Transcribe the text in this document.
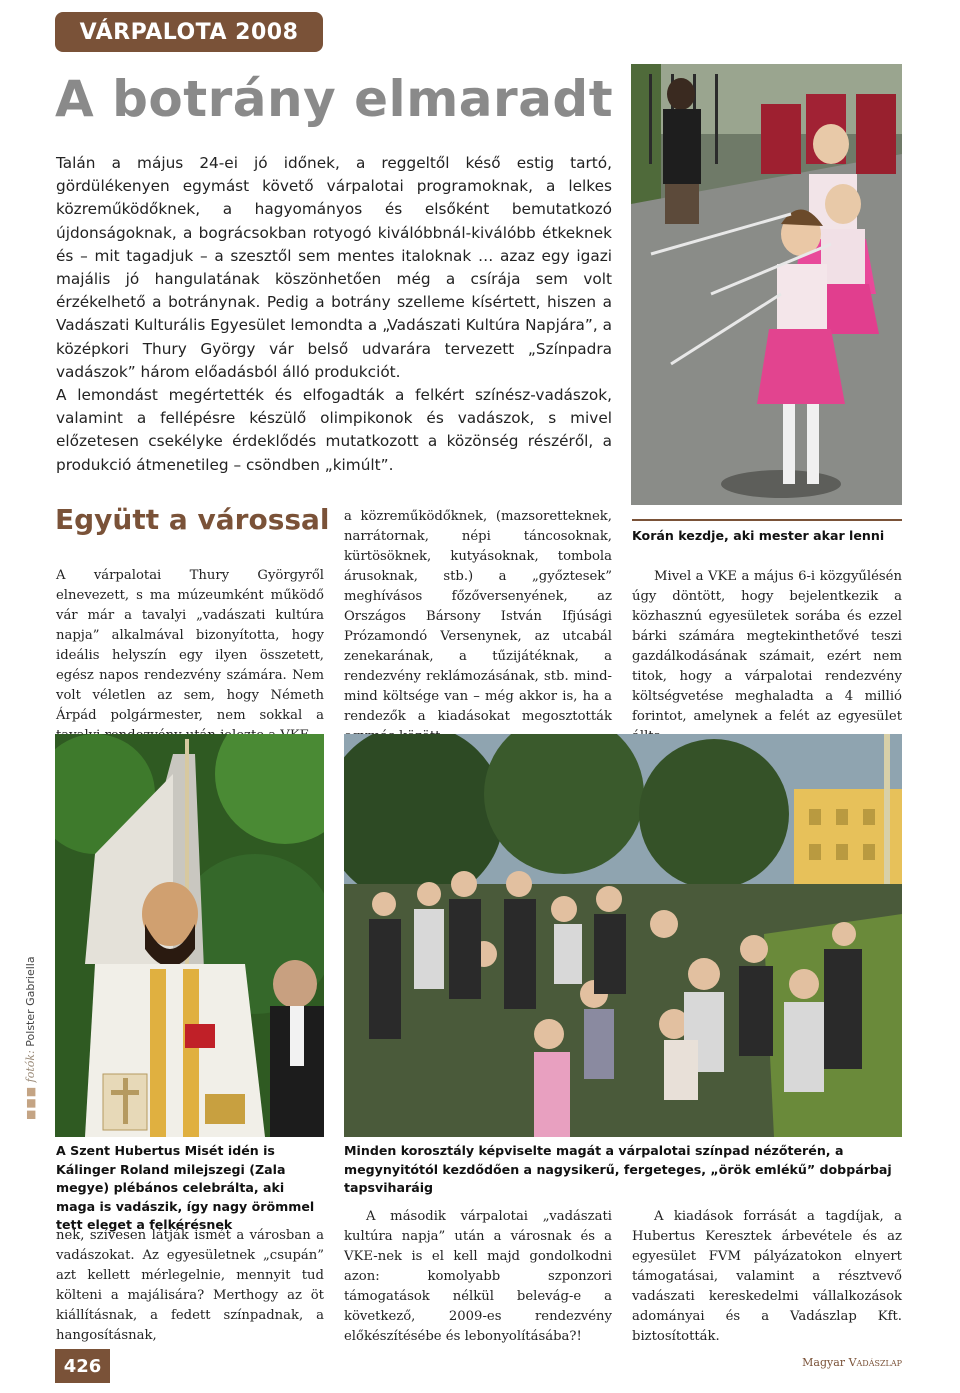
VÁRPALOTA 2008
A botrány elmaradt

Talán a május 24-ei jó időnek, a reggeltől késő estig tartó, gördülékenyen egymást követő várpalotai programoknak, a lelkes közreműködőknek, a hagyományos és elsőként bemutatkozó újdonságoknak, a bográcsokban rotyogó kiválóbbnál-kiválóbb étkeknek és – mit tagadjuk – a szesztől sem mentes italoknak … azaz egy igazi majális jó hangulatának köszönhetően még a csírája sem volt érzékelhető a botránynak. Pedig a botrány szelleme kísértett, hiszen a Vadászati Kulturális Egyesület lemondta a „Vadászati Kultúra Napjára”, a középkori Thury György vár belső udvarára tervezett „Színpadra vadászok” három előadásból álló produkciót.

A lemondást megértették és elfogadták a felkért színész-vadászok, valamint a fellépésre készülő olimpikonok és vadászok, s mivel előzetesen csekélyke érdeklődés mutatkozott a közönség részéről, a produkció átmenetileg – csöndben „kimúlt”.

Együtt a várossal

A várpalotai Thury Györgyről elnevezett, s ma múzeumként működő vár már a tavalyi „vadászati kultúra napja” alkalmával bizonyította, hogy ideális helyszín egy ilyen összetett, egész napos rendezvény számára. Nem volt véletlen az sem, hogy Németh Árpád polgármester, nem sokkal a

a közreműködőknek, (mazsoretteknek, narrátornak, népi táncosoknak, kürtösöknek, kutyásoknak, tombola árusoknak, stb.) a „győztesek” meghívásos főzőversenyének, az Országos Bársony István Ifjúsági Prózamondó Versenynek, az utcabál zenekarának, a tűzijátéknak, a rendezvény reklámozásának, stb. mind-mind költsége van – még akkor is, ha a rendezők a kiadásokat megosztották

Korán kezdje, aki mester akar lenni

Mivel a VKE a május 6-i közgyűlésén úgy döntött, hogy bejelentkezik a közhasznú egyesületek sorába és ezzel bárki számára megtekinthetővé teszi gazdálkodásának számait, ezért nem titok, hogy a várpalotai rendezvény költségvetése meghaladta a 4 millió forintot, amelynek a felét az egyesület

A Szent Hubertus Misét idén is Kálinger Roland milejszegi (Zala megye) plébános celebrálta, aki maga is vadászik, így nagy örömmel tett eleget a felkérésnek
Minden korosztály képviselte magát a várpalotai színpad nézőterén, a megynyitótól kezdődően a nagysikerű, fergeteges, „örök emlékű” dobpárbaj tapsviharáig

nek, szívesen látják ismét a városban a vadászokat. Az egyesületnek „csupán” azt kellett mérlegelnie, mennyit tud költeni a majálisára? Merthogy az öt kiállításnak, a fedett színpadnak, a hangosításnak,

A második várpalotai „vadászati kultúra napja” után a városnak és a VKE-nek is el kell majd gondolkodni azon: komolyabb szponzori támogatások nélkül belevág-e a következő, 2009-es rendezvény előkészítésébe és lebonyolításába?!

A kiadások forrását a tagdíjak, a Hubertus Keresztek árbevétele és az egyesület FVM pályázatokon elnyert támogatásai, valamint a résztvevő vadászati kereskedelmi vállalkozások adományai és a Vadászlap Kft. biztosították.

■■■ fotók: Polster Gabriella
426	Magyar Vadászlap
